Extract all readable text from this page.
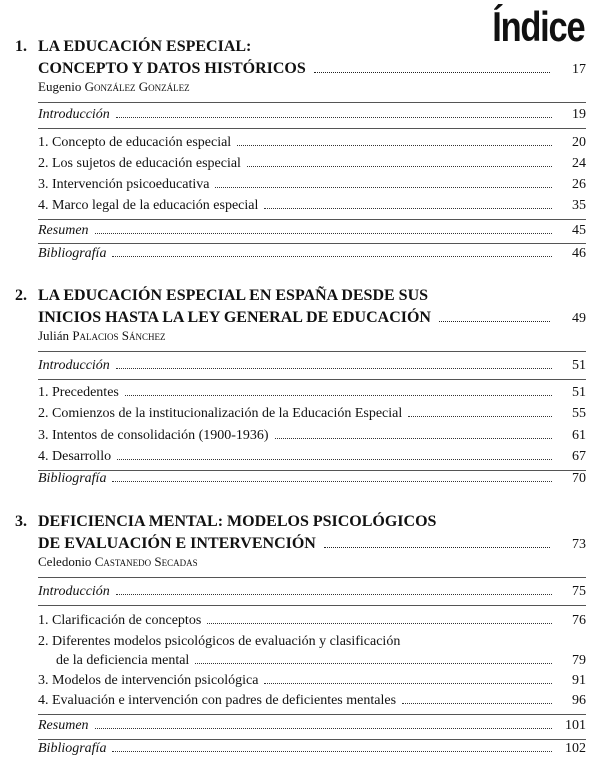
Índice
1. LA EDUCACIÓN ESPECIAL:
CONCEPTO Y DATOS HISTÓRICOS	17
Eugenio González González
Introducción	19
1. Concepto de educación especial	20
2. Los sujetos de educación especial	24
3. Intervención psicoeducativa	26
4. Marco legal de la educación especial	35
Resumen	45
Bibliografía	46
2. LA EDUCACIÓN ESPECIAL EN ESPAÑA DESDE SUS
INICIOS HASTA LA LEY GENERAL DE EDUCACIÓN	49
Julián Palacios Sánchez
Introducción	51
1. Precedentes	51
2. Comienzos de la institucionalización de la Educación Especial	55
3. Intentos de consolidación (1900-1936)	61
4. Desarrollo	67
Bibliografía	70
3. DEFICIENCIA MENTAL: MODELOS PSICOLÓGICOS
DE EVALUACIÓN E INTERVENCIÓN	73
Celedonio Castanedo Secadas
Introducción	75
1. Clarificación de conceptos	76
2. Diferentes modelos psicológicos de evaluación y clasificación
de la deficiencia mental	79
3. Modelos de intervención psicológica	91
4. Evaluación e intervención con padres de deficientes mentales	96
Resumen	101
Bibliografía	102
